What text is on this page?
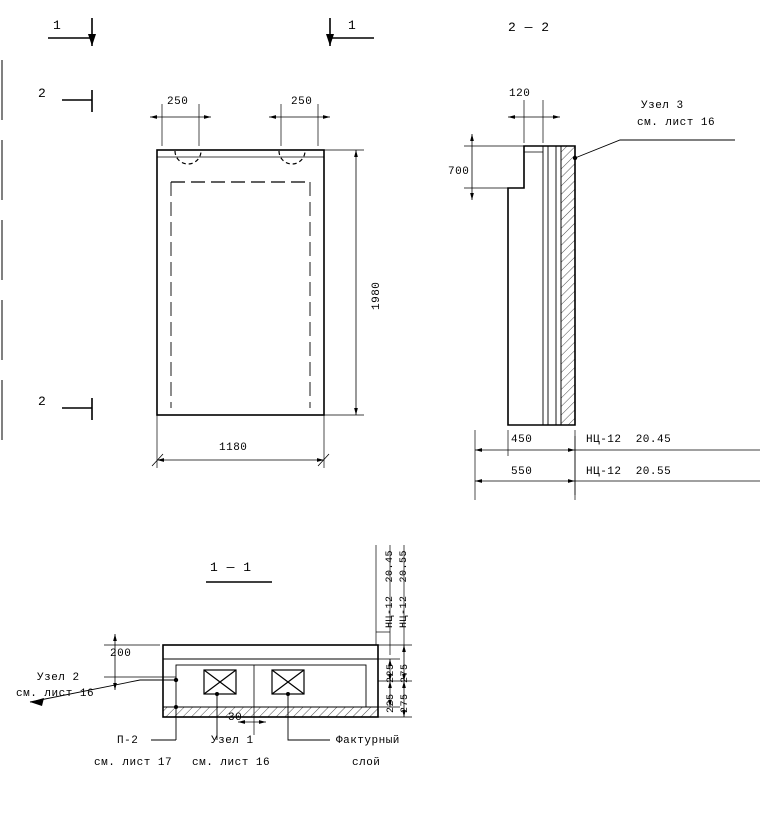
1	1
2
2
2 — 2
1 — 1
250	250
1980
1180
120
700
Узел 3
см. лист 16
450
550
НЦ-12  20.45
НЦ-12  20.55
200
30
Узел 2
см. лист 16
П-2
см. лист 17
Узел 1
см. лист 16
Фактурный
слой
НЦ-12  20.45 НЦ-12  20.55
225
225
275
275
